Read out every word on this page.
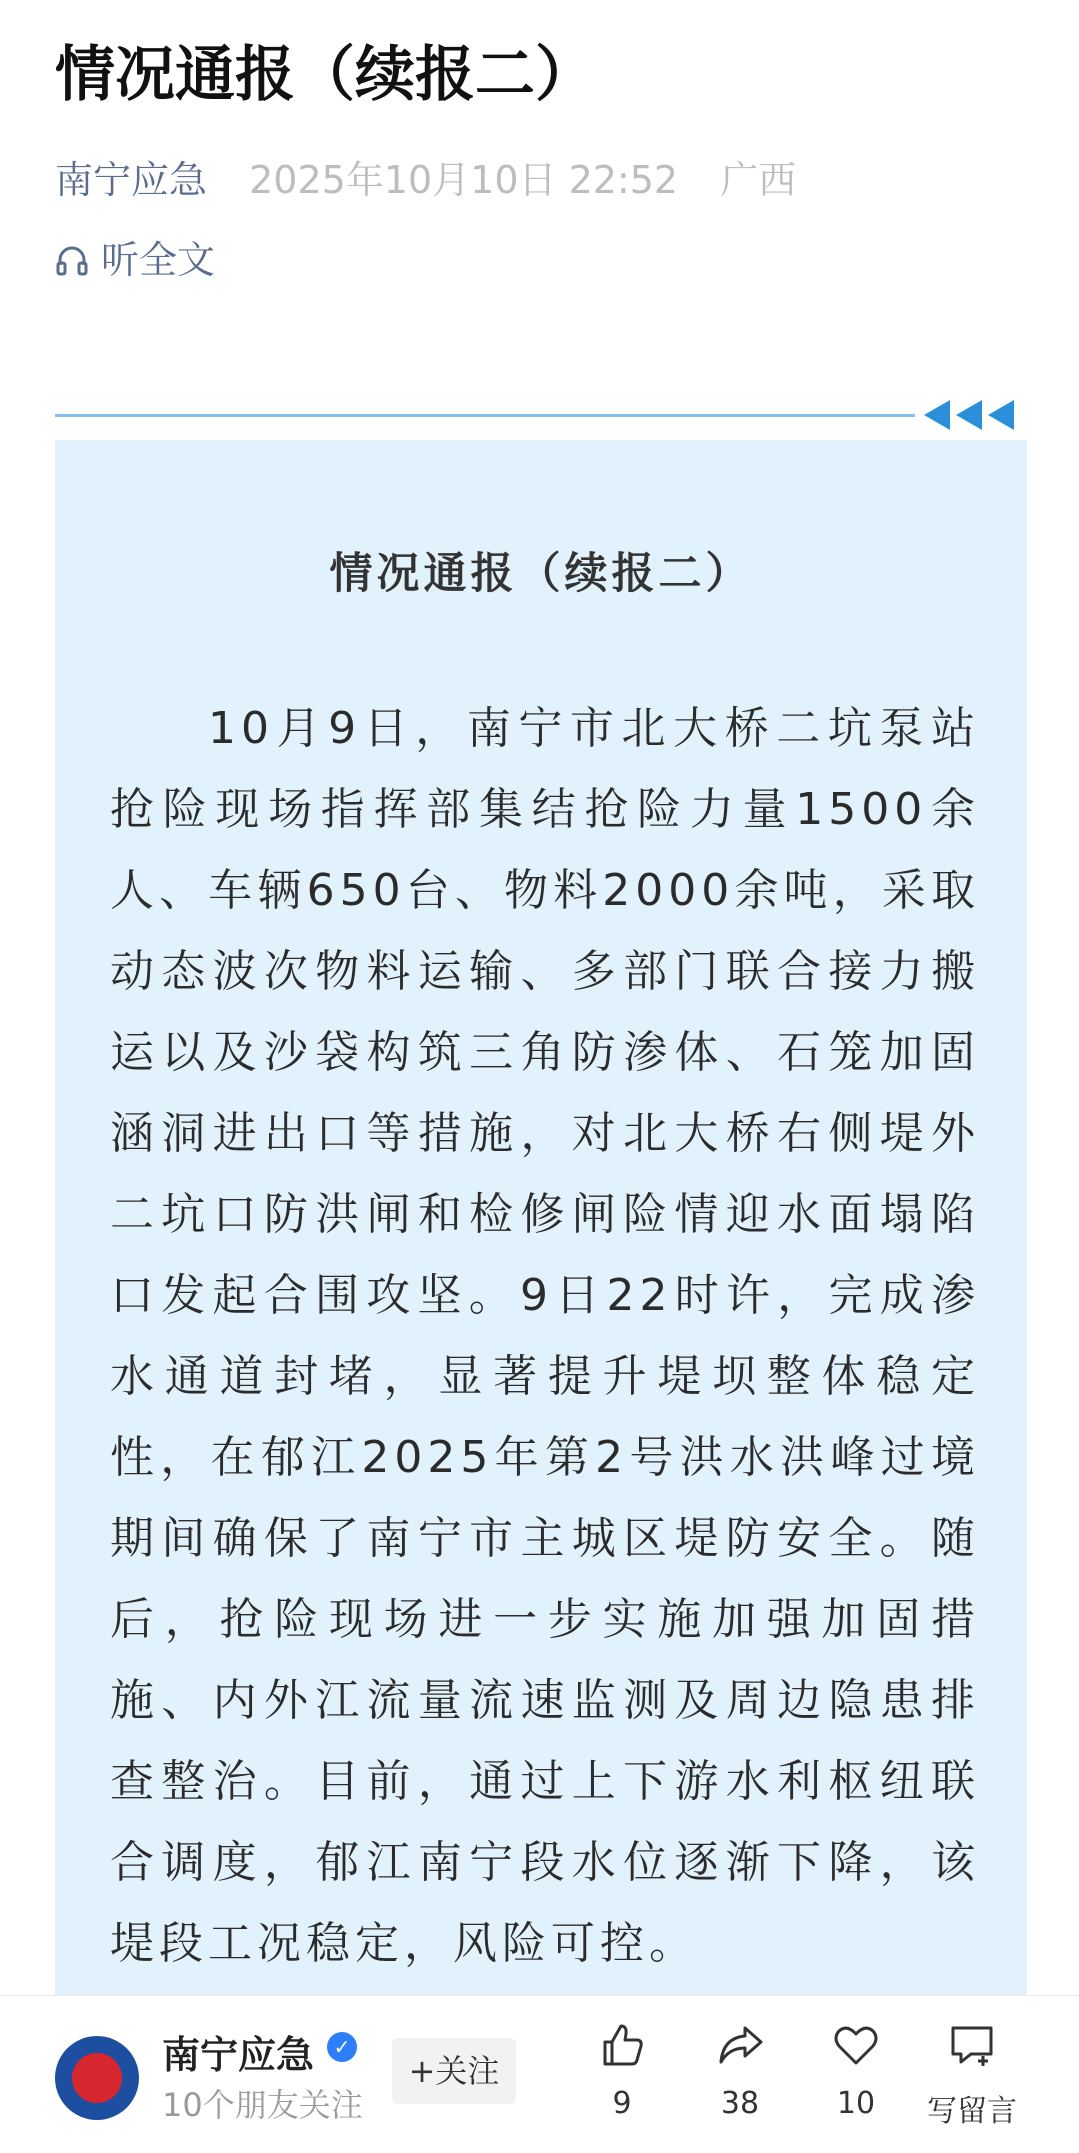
情况通报（续报二）
南宁应急 2025年10月10日 22:52 广西
听全文
情况通报（续报二）

10月9日，南宁市北大桥二坑泵站抢险现场指挥部集结抢险力量1500余人、车辆650台、物料2000余吨，采取动态波次物料运输、多部门联合接力搬运以及沙袋构筑三角防渗体、石笼加固涵洞进出口等措施，对北大桥右侧堤外二坑口防洪闸和检修闸险情迎水面塌陷口发起合围攻坚。9日22时许，完成渗水通道封堵，显著提升堤坝整体稳定性，在郁江2025年第2号洪水洪峰过境期间确保了南宁市主城区堤防安全。随后，抢险现场进一步实施加强加固措施、内外江流量流速监测及周边隐患排查整治。目前，通过上下游水利枢纽联合调度，郁江南宁段水位逐渐下降，该堤段工况稳定，风险可控。

南宁应急 ✓
10个朋友关注
+关注
9	38	10	写留言
